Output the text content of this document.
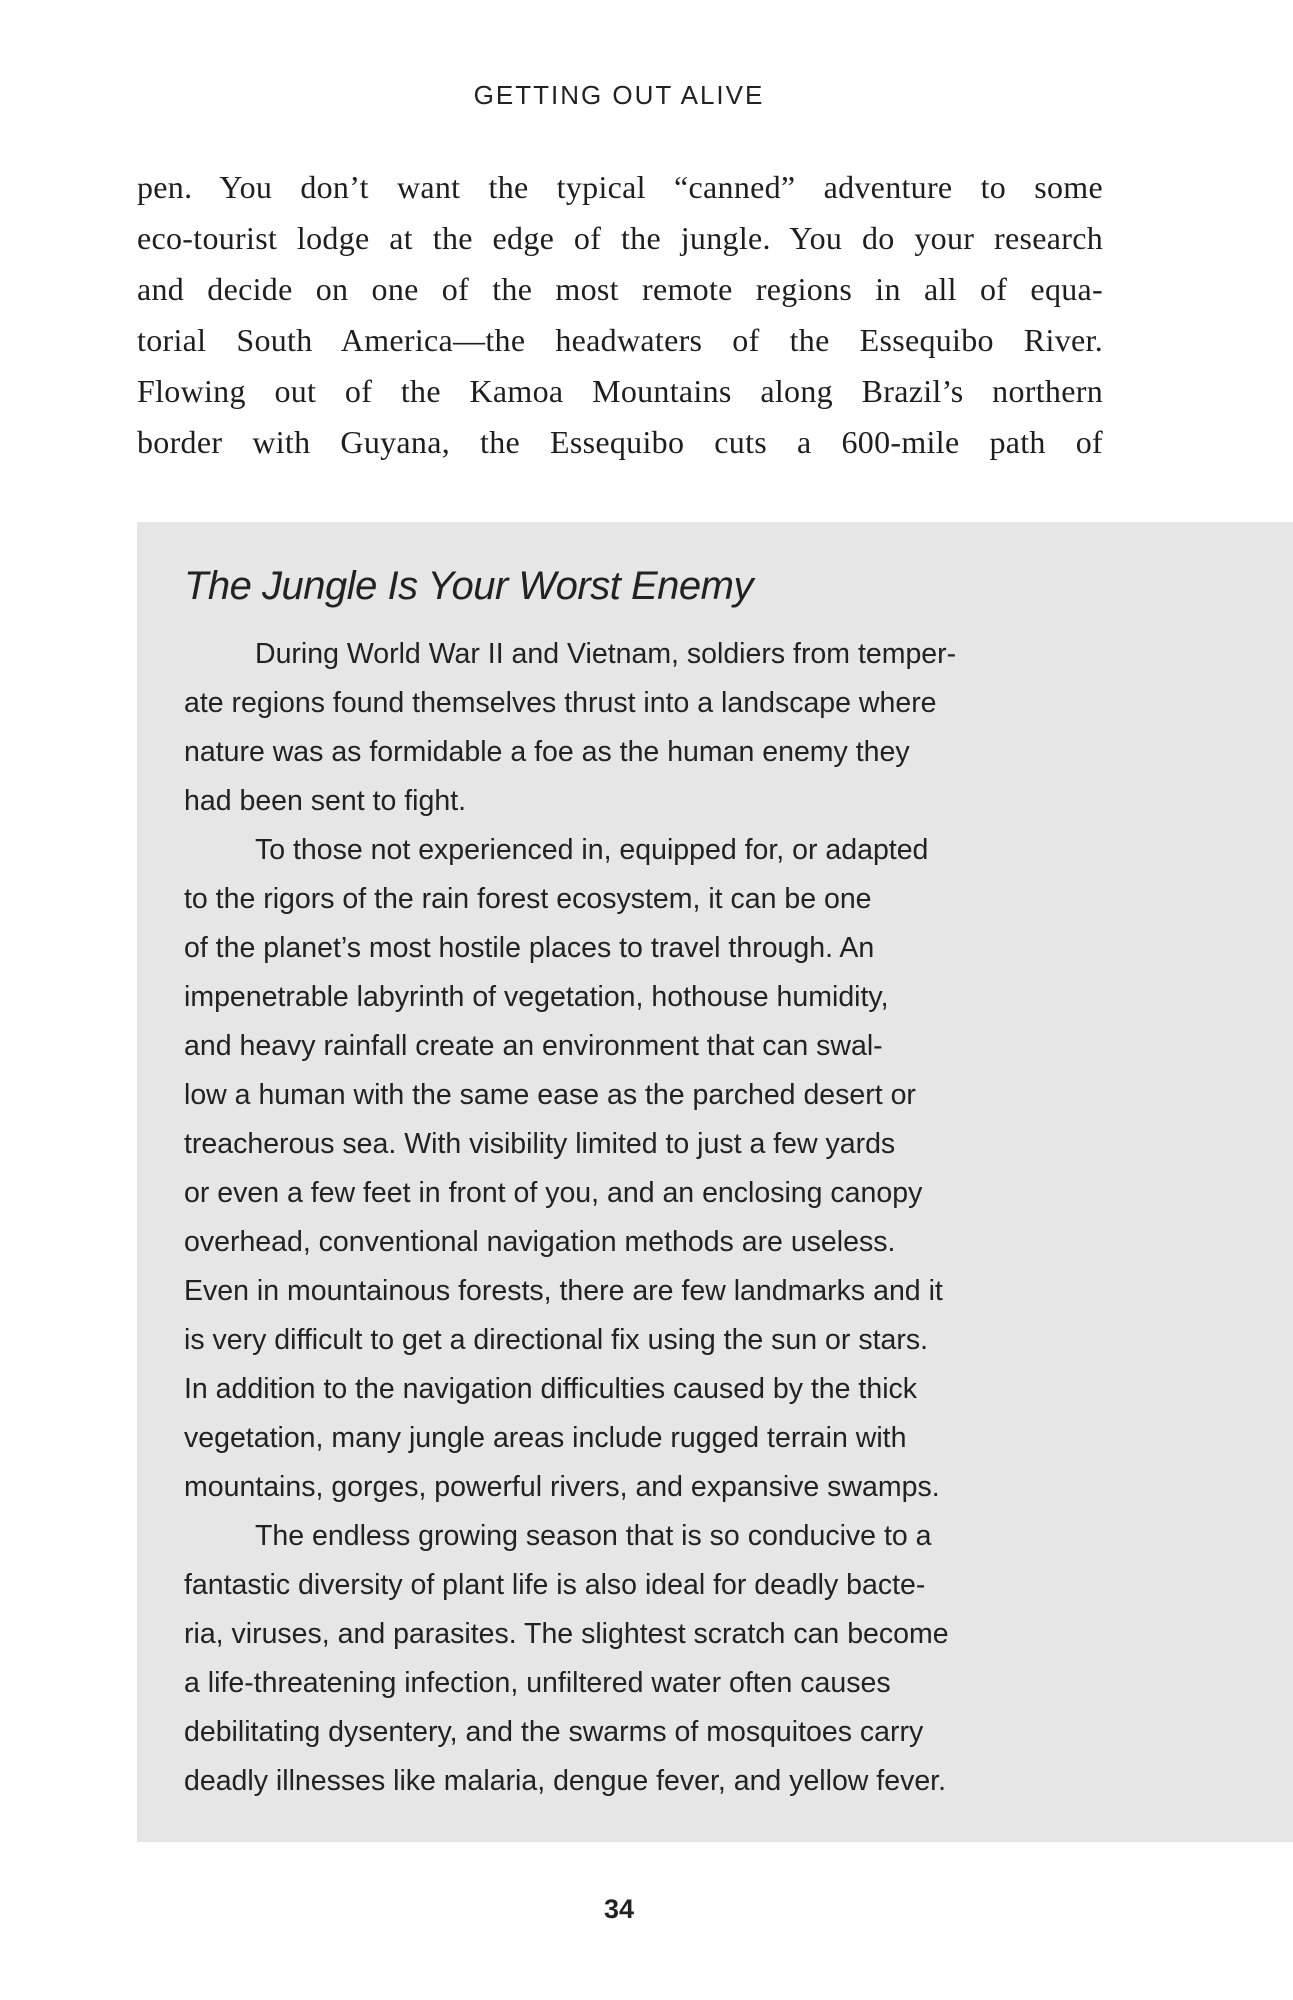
GETTING OUT ALIVE
pen. You don’t want the typical “canned” adventure to some
eco-tourist lodge at the edge of the jungle. You do your research
and decide on one of the most remote regions in all of equa-
torial South America—the headwaters of the Essequibo River.
Flowing out of the Kamoa Mountains along Brazil’s northern
border with Guyana, the Essequibo cuts a 600-mile path of
The Jungle Is Your Worst Enemy
During World War II and Vietnam, soldiers from temper-
ate regions found themselves thrust into a landscape where
nature was as formidable a foe as the human enemy they
had been sent to fight.
To those not experienced in, equipped for, or adapted
to the rigors of the rain forest ecosystem, it can be one
of the planet’s most hostile places to travel through. An
impenetrable labyrinth of vegetation, hothouse humidity,
and heavy rainfall create an environment that can swal-
low a human with the same ease as the parched desert or
treacherous sea. With visibility limited to just a few yards
or even a few feet in front of you, and an enclosing canopy
overhead, conventional navigation methods are useless.
Even in mountainous forests, there are few landmarks and it
is very difficult to get a directional fix using the sun or stars.
In addition to the navigation difficulties caused by the thick
vegetation, many jungle areas include rugged terrain with
mountains, gorges, powerful rivers, and expansive swamps.
The endless growing season that is so conducive to a
fantastic diversity of plant life is also ideal for deadly bacte-
ria, viruses, and parasites. The slightest scratch can become
a life-threatening infection, unfiltered water often causes
debilitating dysentery, and the swarms of mosquitoes carry
deadly illnesses like malaria, dengue fever, and yellow fever.
34
